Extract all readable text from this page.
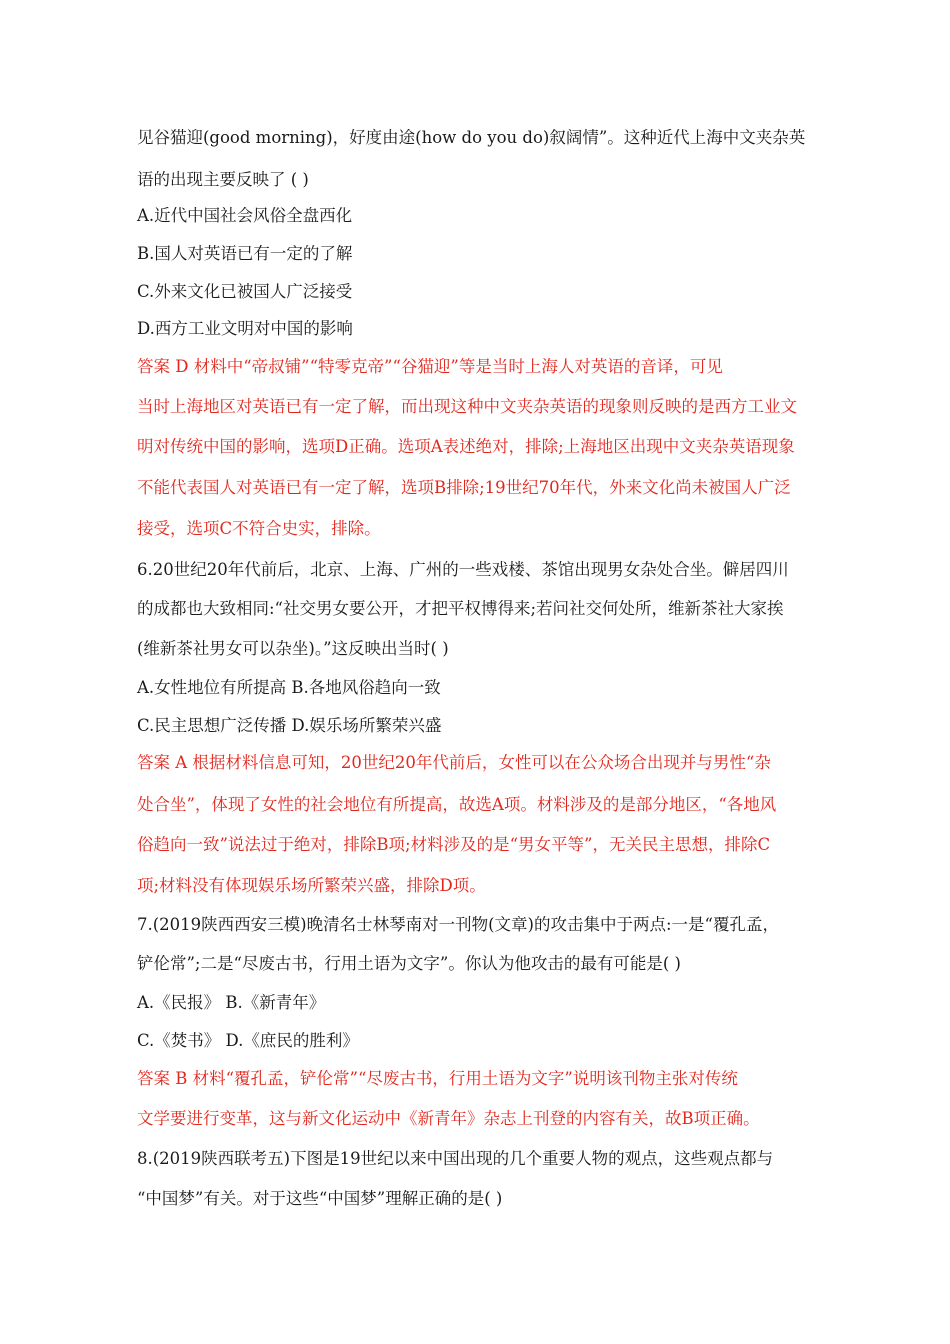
见谷猫迎(good morning)，好度由途(how do you do)叙阔情”。这种近代上海中文夹杂英
语的出现主要反映了 ( )
A.近代中国社会风俗全盘西化
B.国人对英语已有一定的了解
C.外来文化已被国人广泛接受
D.西方工业文明对中国的影响
答案 D 材料中“帝叔铺”“特零克帝”“谷猫迎”等是当时上海人对英语的音译，可见
当时上海地区对英语已有一定了解，而出现这种中文夹杂英语的现象则反映的是西方工业文
明对传统中国的影响，选项D正确。选项A表述绝对，排除;上海地区出现中文夹杂英语现象
不能代表国人对英语已有一定了解，选项B排除;19世纪70年代，外来文化尚未被国人广泛
接受，选项C不符合史实，排除。
6.20世纪20年代前后，北京、上海、广州的一些戏楼、茶馆出现男女杂处合坐。僻居四川
的成都也大致相同:“社交男女要公开，才把平权博得来;若问社交何处所，维新茶社大家挨
(维新茶社男女可以杂坐)。”这反映出当时( )
A.女性地位有所提高 B.各地风俗趋向一致
C.民主思想广泛传播 D.娱乐场所繁荣兴盛
答案 A 根据材料信息可知，20世纪20年代前后，女性可以在公众场合出现并与男性“杂
处合坐”，体现了女性的社会地位有所提高，故选A项。材料涉及的是部分地区，“各地风
俗趋向一致”说法过于绝对，排除B项;材料涉及的是“男女平等”，无关民主思想，排除C
项;材料没有体现娱乐场所繁荣兴盛，排除D项。
7.(2019陕西西安三模)晚清名士林琴南对一刊物(文章)的攻击集中于两点:一是“覆孔孟，
铲伦常”;二是“尽废古书，行用土语为文字”。你认为他攻击的最有可能是( )
A.《民报》 B.《新青年》
C.《焚书》 D.《庶民的胜利》
答案 B 材料“覆孔孟，铲伦常”“尽废古书，行用土语为文字”说明该刊物主张对传统
文学要进行变革，这与新文化运动中《新青年》杂志上刊登的内容有关，故B项正确。
8.(2019陕西联考五)下图是19世纪以来中国出现的几个重要人物的观点，这些观点都与
“中国梦”有关。对于这些“中国梦”理解正确的是( )
